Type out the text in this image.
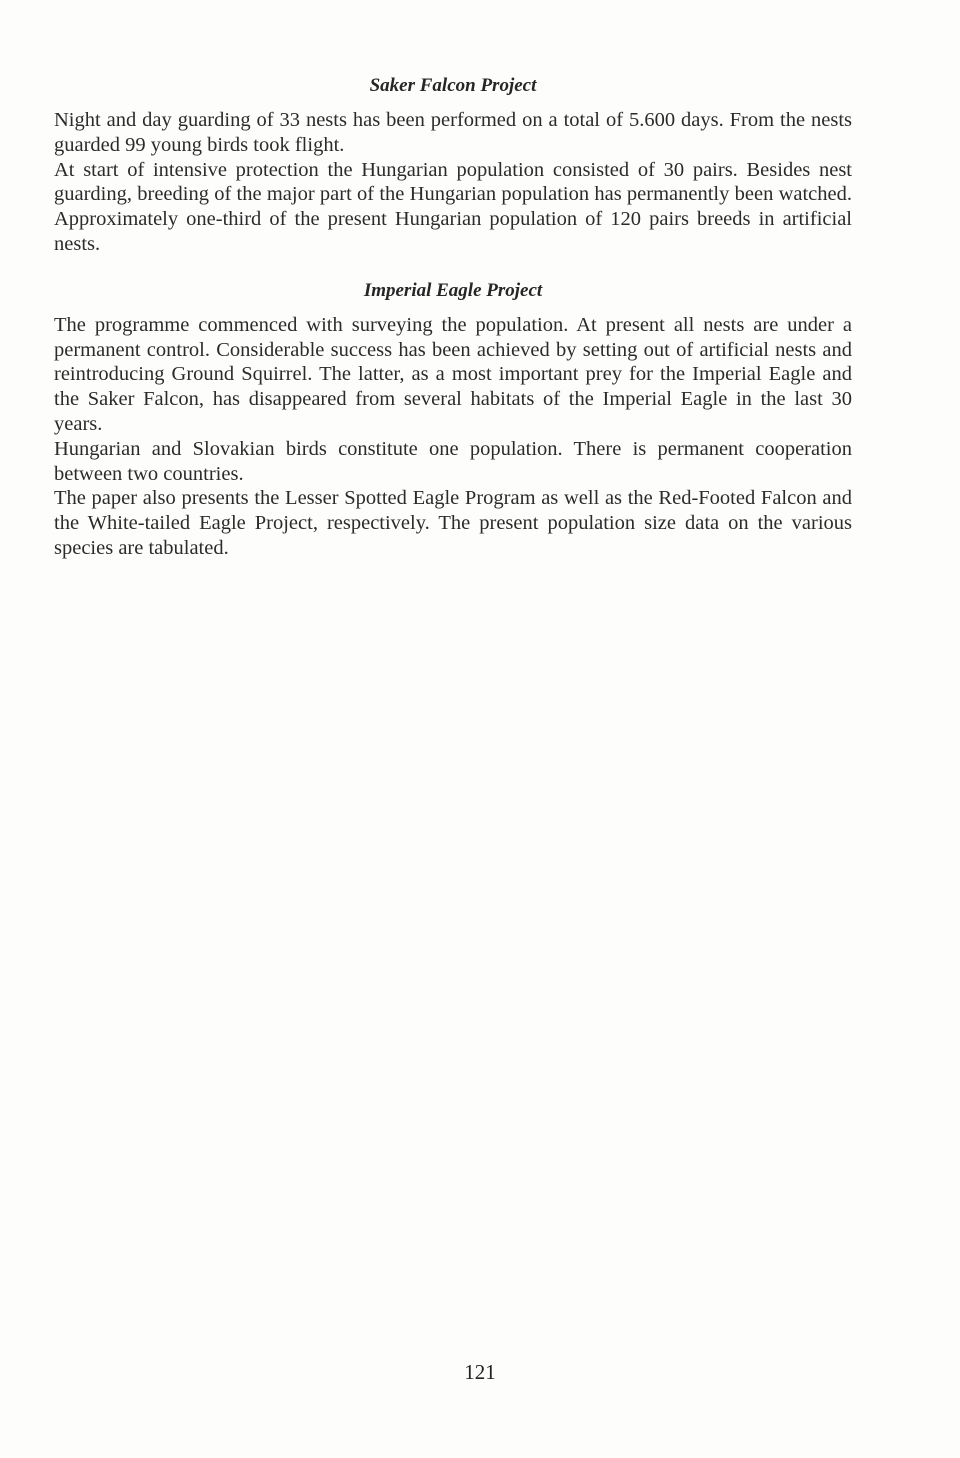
Saker Falcon Project

Night and day guarding of 33 nests has been performed on a total of 5.600 days. From the nests guarded 99 young birds took flight.

At start of intensive protection the Hungarian population consisted of 30 pairs. Besides nest guarding, breeding of the major part of the Hungarian population has permanently been watched. Approximately one-third of the present Hungarian population of 120 pairs breeds in artificial nests.

Imperial Eagle Project

The programme commenced with surveying the population. At present all nests are under a permanent control. Considerable success has been achieved by setting out of artificial nests and reintroducing Ground Squirrel. The latter, as a most important prey for the Imperial Eagle and the Saker Falcon, has disappeared from several habitats of the Imperial Eagle in the last 30 years.

Hungarian and Slovakian birds constitute one population. There is permanent cooperation between two countries.

The paper also presents the Lesser Spotted Eagle Program as well as the Red-Footed Falcon and the White-tailed Eagle Project, respectively. The present population size data on the various species are tabulated.

121
